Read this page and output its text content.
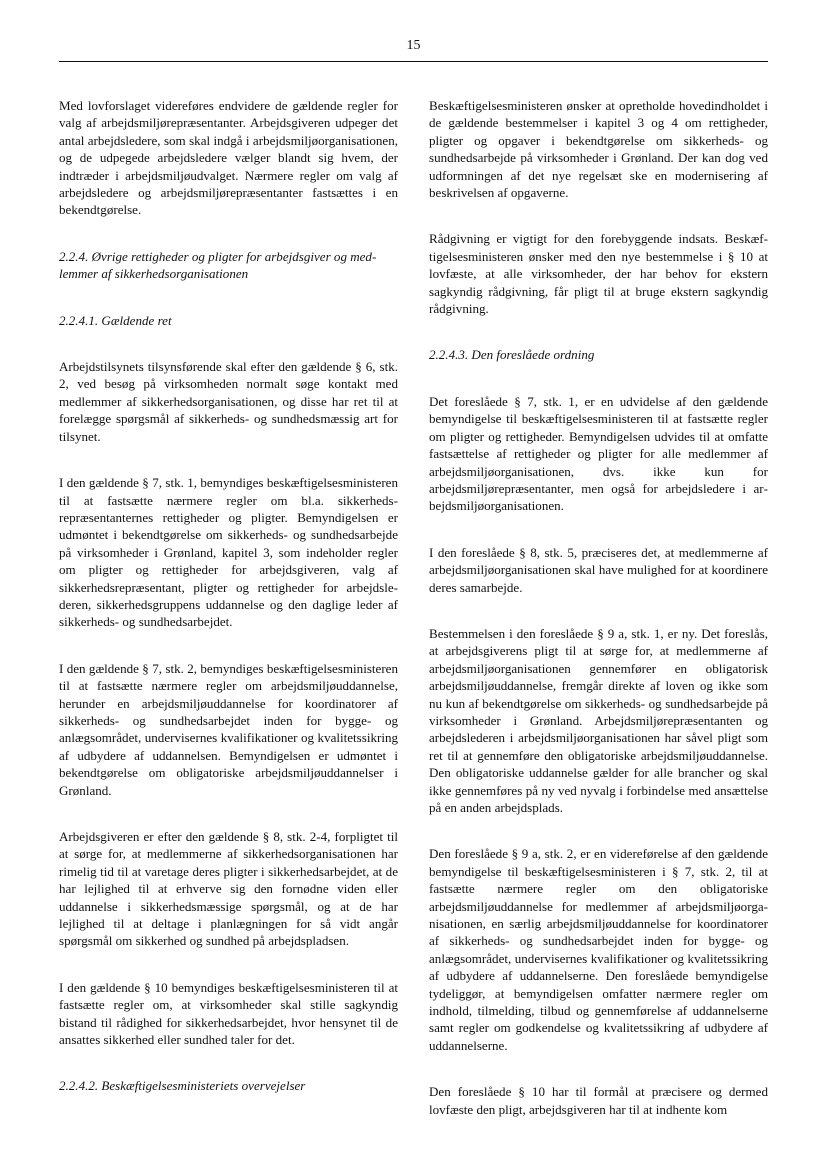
15

Med lovforslaget videreføres endvidere de gældende regler for valg af arbejdsmiljørepræsentanter. Arbejdsgiveren udpeger det antal arbejdsledere, som skal indgå i arbejdsmiljøorganisationen, og de udpegede arbejdsledere vælger blandt sig hvem, der indtræder i arbejdsmiljøudvalget. Nærmere regler om valg af arbejdsledere og arbejdsmiljørepræsentanter fastsættes i en bekendtgørelse.

2.2.4. Øvrige rettigheder og pligter for arbejdsgiver og medlemmer af sikkerhedsorganisationen
2.2.4.1. Gældende ret

Arbejdstilsynets tilsynsførende skal efter den gældende § 6, stk. 2, ved besøg på virksomheden normalt søge kontakt med medlemmer af sikkerhedsorganisationen, og disse har ret til at forelægge spørgsmål af sikkerheds- og sundhedsmæssig art for tilsynet.

I den gældende § 7, stk. 1, bemyndiges beskæftigelsesministeren til at fastsætte nærmere regler om bl.a. sikkerhedsrepræsentanternes rettigheder og pligter. Bemyndigelsen er udmøntet i bekendtgørelse om sikkerheds- og sundhedsarbejde på virksomheder i Grønland, kapitel 3, som indeholder regler om pligter og rettigheder for arbejdsgiveren, valg af sikkerhedsrepræsentant, pligter og rettigheder for arbejdslederen, sikkerhedsgruppens uddannelse og den daglige leder af sikkerheds- og sundhedsarbejdet.

I den gældende § 7, stk. 2, bemyndiges beskæftigelsesministeren til at fastsætte nærmere regler om arbejdsmiljøuddannelse, herunder en arbejdsmiljøuddannelse for koordinatorer af sikkerheds- og sundhedsarbejdet inden for bygge- og anlægsområdet, undervisernes kvalifikationer og kvalitetssikring af udbydere af uddannelsen. Bemyndigelsen er udmøntet i bekendtgørelse om obligatoriske arbejdsmiljøuddannelser i Grønland.

Arbejdsgiveren er efter den gældende § 8, stk. 2-4, forpligtet til at sørge for, at medlemmerne af sikkerhedsorganisationen har rimelig tid til at varetage deres pligter i sikkerhedsarbejdet, at de har lejlighed til at erhverve sig den fornødne viden eller uddannelse i sikkerhedsmæssige spørgsmål, og at de har lejlighed til at deltage i planlægningen for så vidt angår spørgsmål om sikkerhed og sundhed på arbejdspladsen.

I den gældende § 10 bemyndiges beskæftigelsesministeren til at fastsætte regler om, at virksomheder skal stille sagkyndig bistand til rådighed for sikkerhedsarbejdet, hvor hensynet til de ansattes sikkerhed eller sundhed taler for det.

2.2.4.2. Beskæftigelsesministeriets overvejelser

Beskæftigelsesministeren ønsker at opretholde hovedindholdet i de gældende bestemmelser i kapitel 3 og 4 om rettigheder, pligter og opgaver i bekendtgørelse om sikkerheds- og sundhedsarbejde på virksomheder i Grønland. Der kan dog ved udformningen af det nye regelsæt ske en modernisering af beskrivelsen af opgaverne.

Rådgivning er vigtigt for den forebyggende indsats. Beskæftigelsesministeren ønsker med den nye bestemmelse i § 10 at lovfæste, at alle virksomheder, der har behov for ekstern sagkyndig rådgivning, får pligt til at bruge ekstern sagkyndig rådgivning.

2.2.4.3. Den foreslåede ordning

Det foreslåede § 7, stk. 1, er en udvidelse af den gældende bemyndigelse til beskæftigelsesministeren til at fastsætte regler om pligter og rettigheder. Bemyndigelsen udvides til at omfatte fastsættelse af rettigheder og pligter for alle medlemmer af arbejdsmiljøorganisationen, dvs. ikke kun for arbejdsmiljørepræsentanter, men også for arbejdsledere i arbejdsmiljøorganisationen.

I den foreslåede § 8, stk. 5, præciseres det, at medlemmerne af arbejdsmiljøorganisationen skal have mulighed for at koordinere deres samarbejde.

Bestemmelsen i den foreslåede § 9 a, stk. 1, er ny. Det foreslås, at arbejdsgiverens pligt til at sørge for, at medlemmerne af arbejdsmiljøorganisationen gennemfører en obligatorisk arbejdsmiljøuddannelse, fremgår direkte af loven og ikke som nu kun af bekendtgørelse om sikkerheds- og sundhedsarbejde på virksomheder i Grønland. Arbejdsmiljørepræsentanten og arbejdslederen i arbejdsmiljøorganisationen har såvel pligt som ret til at gennemføre den obligatoriske arbejdsmiljøuddannelse. Den obligatoriske uddannelse gælder for alle brancher og skal ikke gennemføres på ny ved nyvalg i forbindelse med ansættelse på en anden arbejdsplads.

Den foreslåede § 9 a, stk. 2, er en videreførelse af den gældende bemyndigelse til beskæftigelsesministeren i § 7, stk. 2, til at fastsætte nærmere regler om den obligatoriske arbejdsmiljøuddannelse for medlemmer af arbejdsmiljøorganisationen, en særlig arbejdsmiljøuddannelse for koordinatorer af sikkerheds- og sundhedsarbejdet inden for bygge- og anlægsområdet, undervisernes kvalifikationer og kvalitetssikring af udbydere af uddannelserne. Den foreslåede bemyndigelse tydeliggør, at bemyndigelsen omfatter nærmere regler om indhold, tilmelding, tilbud og gennemførelse af uddannelserne samt regler om godkendelse og kvalitetssikring af udbydere af uddannelserne.

Den foreslåede § 10 har til formål at præcisere og dermed lovfæste den pligt, arbejdsgiveren har til at indhente kom
